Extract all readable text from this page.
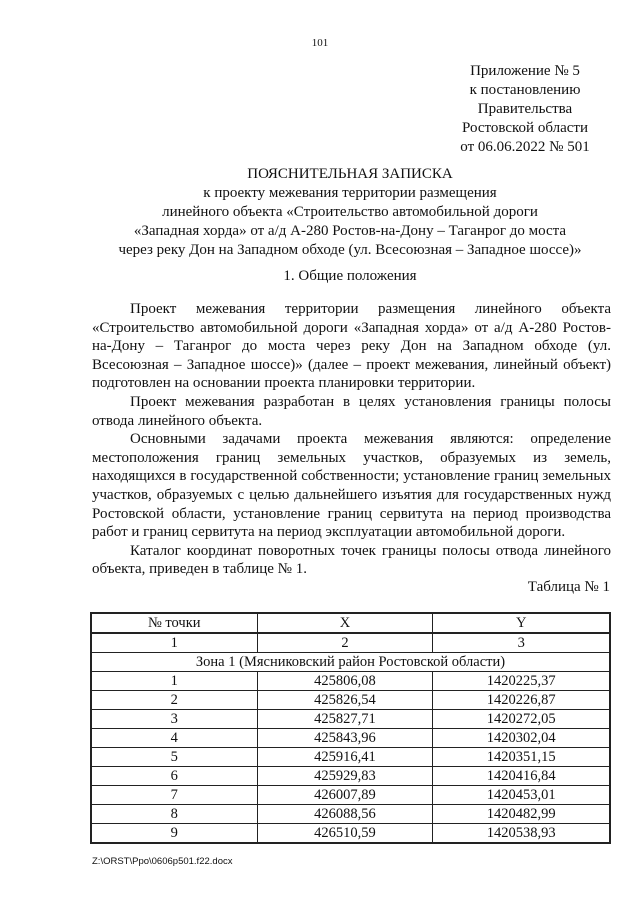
101
Приложение № 5
к постановлению
Правительства
Ростовской области
от 06.06.2022 № 501
ПОЯСНИТЕЛЬНАЯ ЗАПИСКА
к проекту межевания территории размещения
линейного объекта «Строительство автомобильной дороги
«Западная хорда» от а/д А-280 Ростов-на-Дону – Таганрог до моста
через реку Дон на Западном обходе (ул. Всесоюзная – Западное шоссе)»
1. Общие положения

Проект межевания территории размещения линейного объекта «Строительство автомобильной дороги «Западная хорда» от а/д А-280 Ростов-на-Дону – Таганрог до моста через реку Дон на Западном обходе (ул. Всесоюзная – Западное шоссе)» (далее – проект межевания, линейный объект) подготовлен на основании проекта планировки территории.

Проект межевания разработан в целях установления границы полосы отвода линейного объекта.

Основными задачами проекта межевания являются: определение местоположения границ земельных участков, образуемых из земель, находящихся в государственной собственности; установление границ земельных участков, образуемых с целью дальнейшего изъятия для государственных нужд Ростовской области, установление границ сервитута на период производства работ и границ сервитута на период эксплуатации автомобильной дороги.

Каталог координат поворотных точек границы полосы отвода линейного объекта, приведен в таблице № 1.

Таблица № 1
№ точки	X	Y
1	2	3
Зона 1 (Мясниковский район Ростовской области)		
1	425806,08	1420225,37
2	425826,54	1420226,87
3	425827,71	1420272,05
4	425843,96	1420302,04
5	425916,41	1420351,15
6	425929,83	1420416,84
7	426007,89	1420453,01
8	426088,56	1420482,99
9	426510,59	1420538,93
Z:\ORST\Ppo\0606p501.f22.docx
